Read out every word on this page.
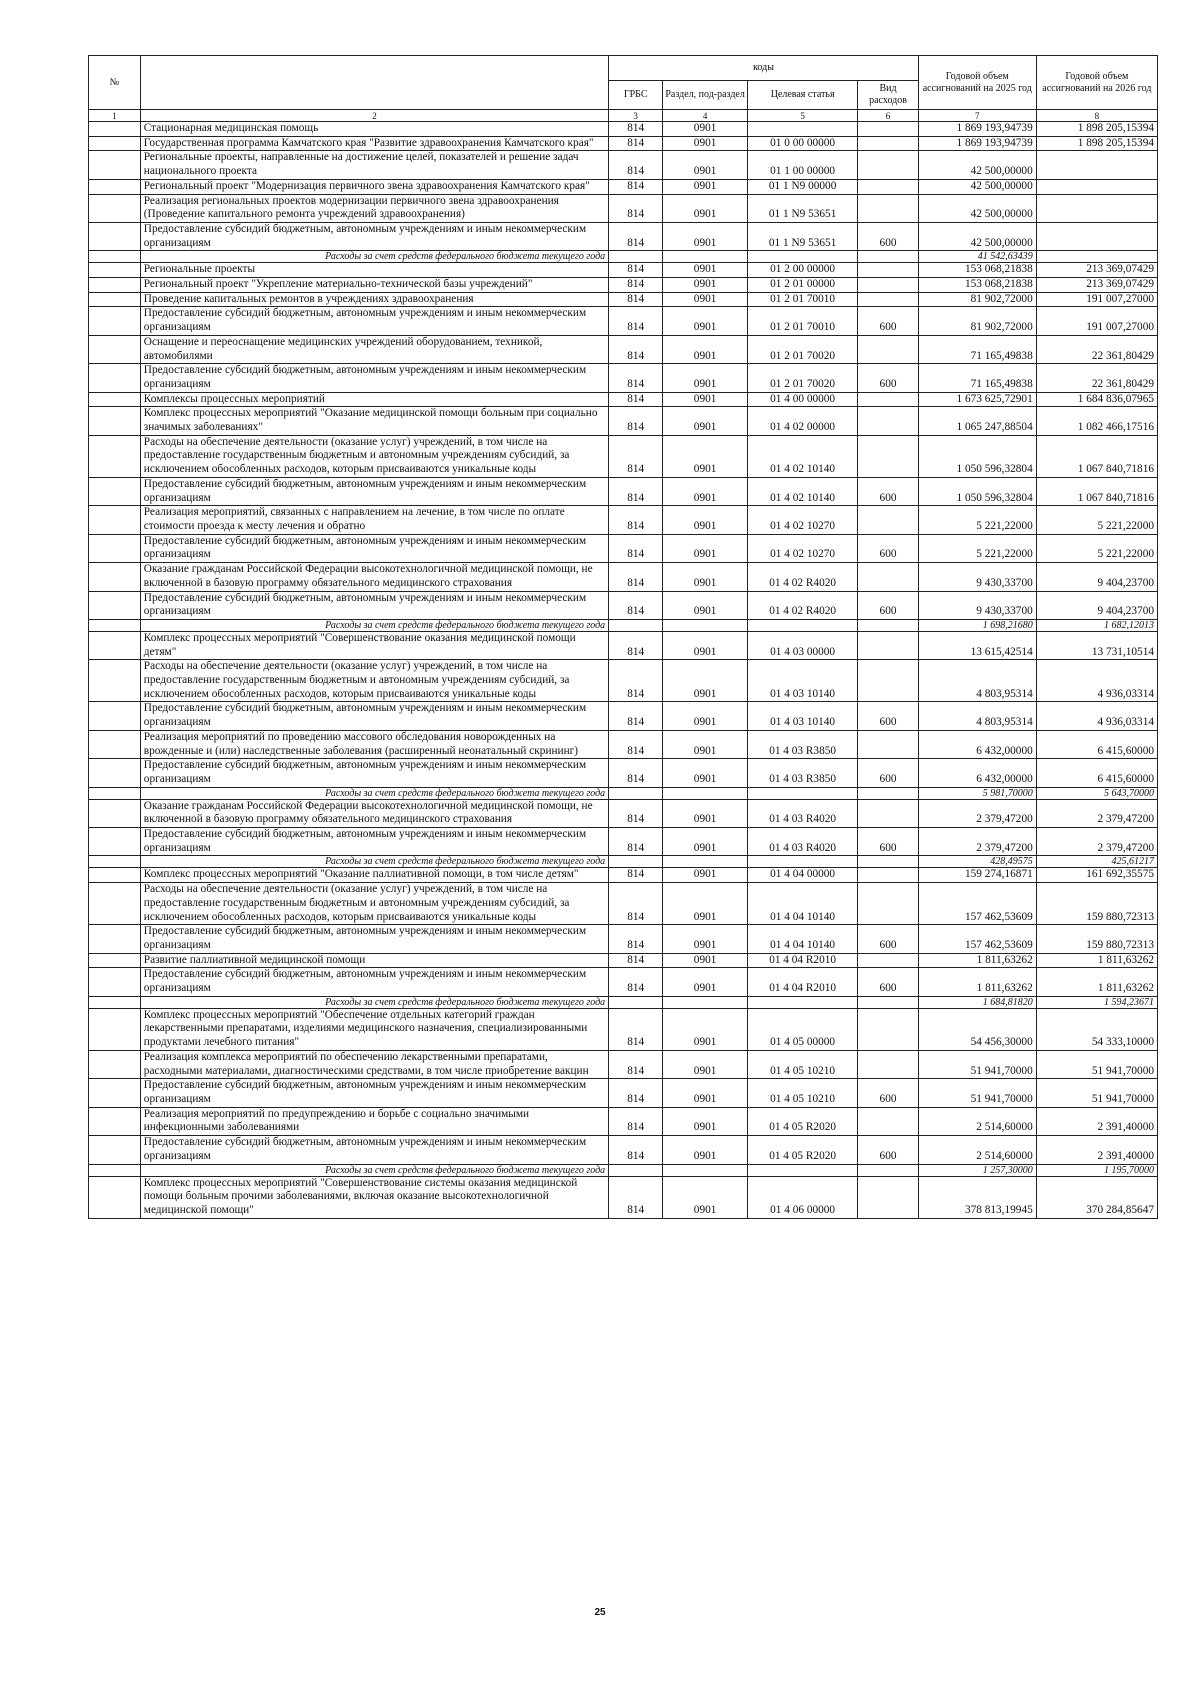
№		коды				Годовой объем ассигнований на 2025 год	Годовой объем ассигнований на 2026 год
		ГРБС	Раздел, под-раздел	Целевая статья	Вид расходов		
1	2	3	4	5	6	7	8
	Стационарная медицинская помощь	814	0901			1 869 193,94739	1 898 205,15394
	Государственная программа Камчатского края "Развитие здравоохранения Камчатского края"	814	0901	01 0 00 00000		1 869 193,94739	1 898 205,15394
	Региональные проекты, направленные на достижение целей, показателей и решение задач национального проекта	814	0901	01 1 00 00000		42 500,00000	
	Региональный проект "Модернизация первичного звена здравоохранения Камчатского края"	814	0901	01 1 N9 00000		42 500,00000	
	Реализация региональных проектов модернизации первичного звена здравоохранения (Проведение капитального ремонта учреждений здравоохранения)	814	0901	01 1 N9 53651		42 500,00000	
	Предоставление субсидий бюджетным, автономным учреждениям и иным некоммерческим организациям	814	0901	01 1 N9 53651	600	42 500,00000	
	Расходы за счет средств федерального бюджета текущего года					41 542,63439	
	Региональные проекты	814	0901	01 2 00 00000		153 068,21838	213 369,07429
	Региональный проект "Укрепление материально-технической базы учреждений"	814	0901	01 2 01 00000		153 068,21838	213 369,07429
	Проведение капитальных ремонтов в учреждениях здравоохранения	814	0901	01 2 01 70010		81 902,72000	191 007,27000
	Предоставление субсидий бюджетным, автономным учреждениям и иным некоммерческим организациям	814	0901	01 2 01 70010	600	81 902,72000	191 007,27000
	Оснащение и переоснащение медицинских учреждений оборудованием, техникой, автомобилями	814	0901	01 2 01 70020		71 165,49838	22 361,80429
	Предоставление субсидий бюджетным, автономным учреждениям и иным некоммерческим организациям	814	0901	01 2 01 70020	600	71 165,49838	22 361,80429
	Комплексы процессных мероприятий	814	0901	01 4 00 00000		1 673 625,72901	1 684 836,07965
	Комплекс процессных мероприятий "Оказание медицинской помощи больным при социально значимых заболеваниях"	814	0901	01 4 02 00000		1 065 247,88504	1 082 466,17516
	Расходы на обеспечение деятельности (оказание услуг) учреждений, в том числе на предоставление государственным бюджетным и автономным учреждениям субсидий, за исключением обособленных расходов, которым присваиваются уникальные коды	814	0901	01 4 02 10140		1 050 596,32804	1 067 840,71816
	Предоставление субсидий бюджетным, автономным учреждениям и иным некоммерческим организациям	814	0901	01 4 02 10140	600	1 050 596,32804	1 067 840,71816
	Реализация мероприятий, связанных с направлением на лечение, в том числе по оплате стоимости проезда к месту лечения и обратно	814	0901	01 4 02 10270		5 221,22000	5 221,22000
	Предоставление субсидий бюджетным, автономным учреждениям и иным некоммерческим организациям	814	0901	01 4 02 10270	600	5 221,22000	5 221,22000
	Оказание гражданам Российской Федерации высокотехнологичной медицинской помощи, не включенной в базовую программу обязательного медицинского страхования	814	0901	01 4 02 R4020		9 430,33700	9 404,23700
	Предоставление субсидий бюджетным, автономным учреждениям и иным некоммерческим организациям	814	0901	01 4 02 R4020	600	9 430,33700	9 404,23700
	Расходы за счет средств федерального бюджета текущего года					1 698,21680	1 682,12013
	Комплекс процессных мероприятий "Совершенствование оказания медицинской помощи детям"	814	0901	01 4 03 00000		13 615,42514	13 731,10514
	Расходы на обеспечение деятельности (оказание услуг) учреждений, в том числе на предоставление государственным бюджетным и автономным учреждениям субсидий, за исключением обособленных расходов, которым присваиваются уникальные коды	814	0901	01 4 03 10140		4 803,95314	4 936,03314
	Предоставление субсидий бюджетным, автономным учреждениям и иным некоммерческим организациям	814	0901	01 4 03 10140	600	4 803,95314	4 936,03314
	Реализация мероприятий по проведению массового обследования новорожденных на врожденные и (или) наследственные заболевания (расширенный неонатальный скрининг)	814	0901	01 4 03 R3850		6 432,00000	6 415,60000
	Предоставление субсидий бюджетным, автономным учреждениям и иным некоммерческим организациям	814	0901	01 4 03 R3850	600	6 432,00000	6 415,60000
	Расходы за счет средств федерального бюджета текущего года					5 981,70000	5 643,70000
	Оказание гражданам Российской Федерации высокотехнологичной медицинской помощи, не включенной в базовую программу обязательного медицинского страхования	814	0901	01 4 03 R4020		2 379,47200	2 379,47200
	Предоставление субсидий бюджетным, автономным учреждениям и иным некоммерческим организациям	814	0901	01 4 03 R4020	600	2 379,47200	2 379,47200
	Расходы за счет средств федерального бюджета текущего года					428,49575	425,61217
	Комплекс процессных мероприятий "Оказание паллиативной помощи, в том числе детям"	814	0901	01 4 04 00000		159 274,16871	161 692,35575
	Расходы на обеспечение деятельности (оказание услуг) учреждений, в том числе на предоставление государственным бюджетным и автономным учреждениям субсидий, за исключением обособленных расходов, которым присваиваются уникальные коды	814	0901	01 4 04 10140		157 462,53609	159 880,72313
	Предоставление субсидий бюджетным, автономным учреждениям и иным некоммерческим организациям	814	0901	01 4 04 10140	600	157 462,53609	159 880,72313
	Развитие паллиативной медицинской помощи	814	0901	01 4 04 R2010		1 811,63262	1 811,63262
	Предоставление субсидий бюджетным, автономным учреждениям и иным некоммерческим организациям	814	0901	01 4 04 R2010	600	1 811,63262	1 811,63262
	Расходы за счет средств федерального бюджета текущего года					1 684,81820	1 594,23671
	Комплекс процессных мероприятий "Обеспечение отдельных категорий граждан лекарственными препаратами, изделиями медицинского назначения, специализированными продуктами лечебного питания"	814	0901	01 4 05 00000		54 456,30000	54 333,10000
	Реализация комплекса мероприятий по обеспечению лекарственными препаратами, расходными материалами, диагностическими средствами, в том числе приобретение вакцин	814	0901	01 4 05 10210		51 941,70000	51 941,70000
	Предоставление субсидий бюджетным, автономным учреждениям и иным некоммерческим организациям	814	0901	01 4 05 10210	600	51 941,70000	51 941,70000
	Реализация мероприятий по предупреждению и борьбе с социально значимыми инфекционными заболеваниями	814	0901	01 4 05 R2020		2 514,60000	2 391,40000
	Предоставление субсидий бюджетным, автономным учреждениям и иным некоммерческим организациям	814	0901	01 4 05 R2020	600	2 514,60000	2 391,40000
	Расходы за счет средств федерального бюджета текущего года					1 257,30000	1 195,70000
	Комплекс процессных мероприятий "Совершенствование системы оказания медицинской помощи больным прочими заболеваниями, включая оказание высокотехнологичной медицинской помощи"	814	0901	01 4 06 00000		378 813,19945	370 284,85647
25
